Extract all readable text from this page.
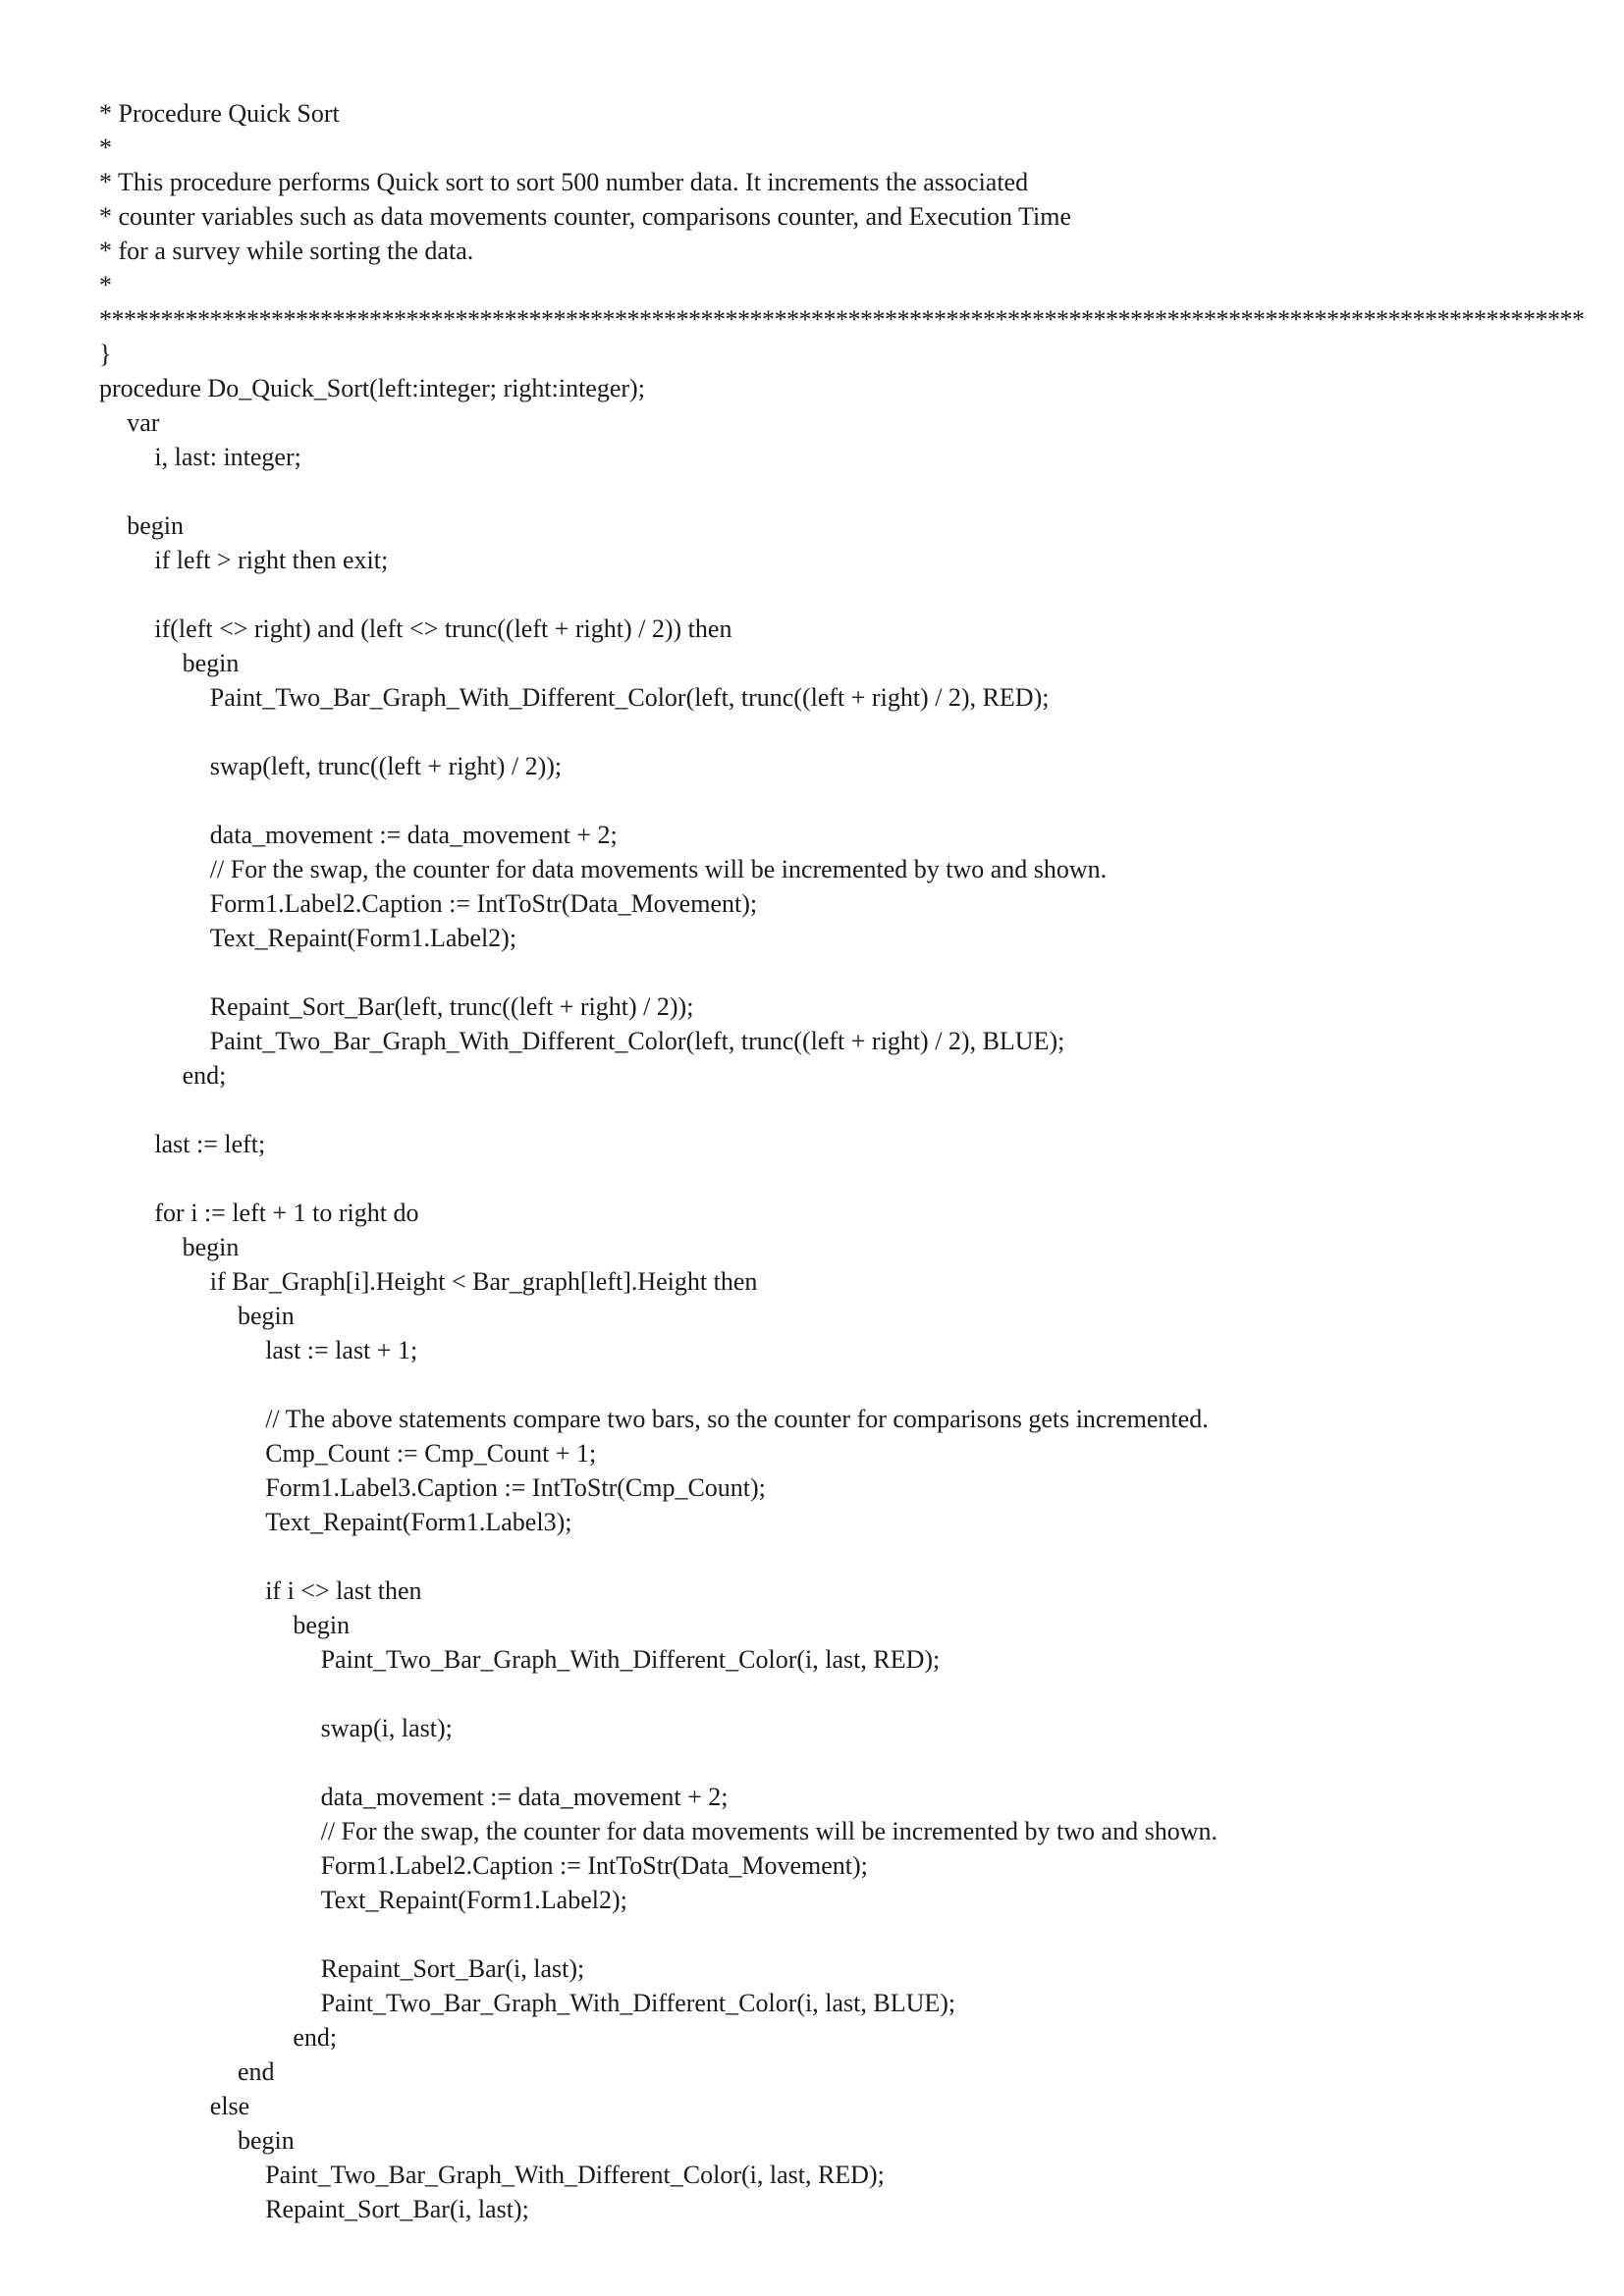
* Procedure Quick Sort
*
* This procedure performs Quick sort to sort 500 number data. It increments the associated
* counter variables such as data movements counter, comparisons counter, and Execution Time
* for a survey while sorting the data.
*
*************************************************************************************************************************
}
procedure Do_Quick_Sort(left:integer; right:integer);
var
i, last: integer;
begin
if left > right then exit;
if(left <> right) and (left <> trunc((left + right) / 2)) then
begin
Paint_Two_Bar_Graph_With_Different_Color(left, trunc((left + right) / 2), RED);
swap(left, trunc((left + right) / 2));
data_movement := data_movement + 2;
// For the swap, the counter for data movements will be incremented by two and shown.
Form1.Label2.Caption := IntToStr(Data_Movement);
Text_Repaint(Form1.Label2);
Repaint_Sort_Bar(left, trunc((left + right) / 2));
Paint_Two_Bar_Graph_With_Different_Color(left, trunc((left + right) / 2), BLUE);
end;
last := left;
for i := left + 1 to right do
begin
if Bar_Graph[i].Height < Bar_graph[left].Height then
begin
last := last + 1;
// The above statements compare two bars, so the counter for comparisons gets incremented.
Cmp_Count := Cmp_Count + 1;
Form1.Label3.Caption := IntToStr(Cmp_Count);
Text_Repaint(Form1.Label3);
if i <> last then
begin
Paint_Two_Bar_Graph_With_Different_Color(i, last, RED);
swap(i, last);
data_movement := data_movement + 2;
// For the swap, the counter for data movements will be incremented by two and shown.
Form1.Label2.Caption := IntToStr(Data_Movement);
Text_Repaint(Form1.Label2);
Repaint_Sort_Bar(i, last);
Paint_Two_Bar_Graph_With_Different_Color(i, last, BLUE);
end;
end
else
begin
Paint_Two_Bar_Graph_With_Different_Color(i, last, RED);
Repaint_Sort_Bar(i, last);
